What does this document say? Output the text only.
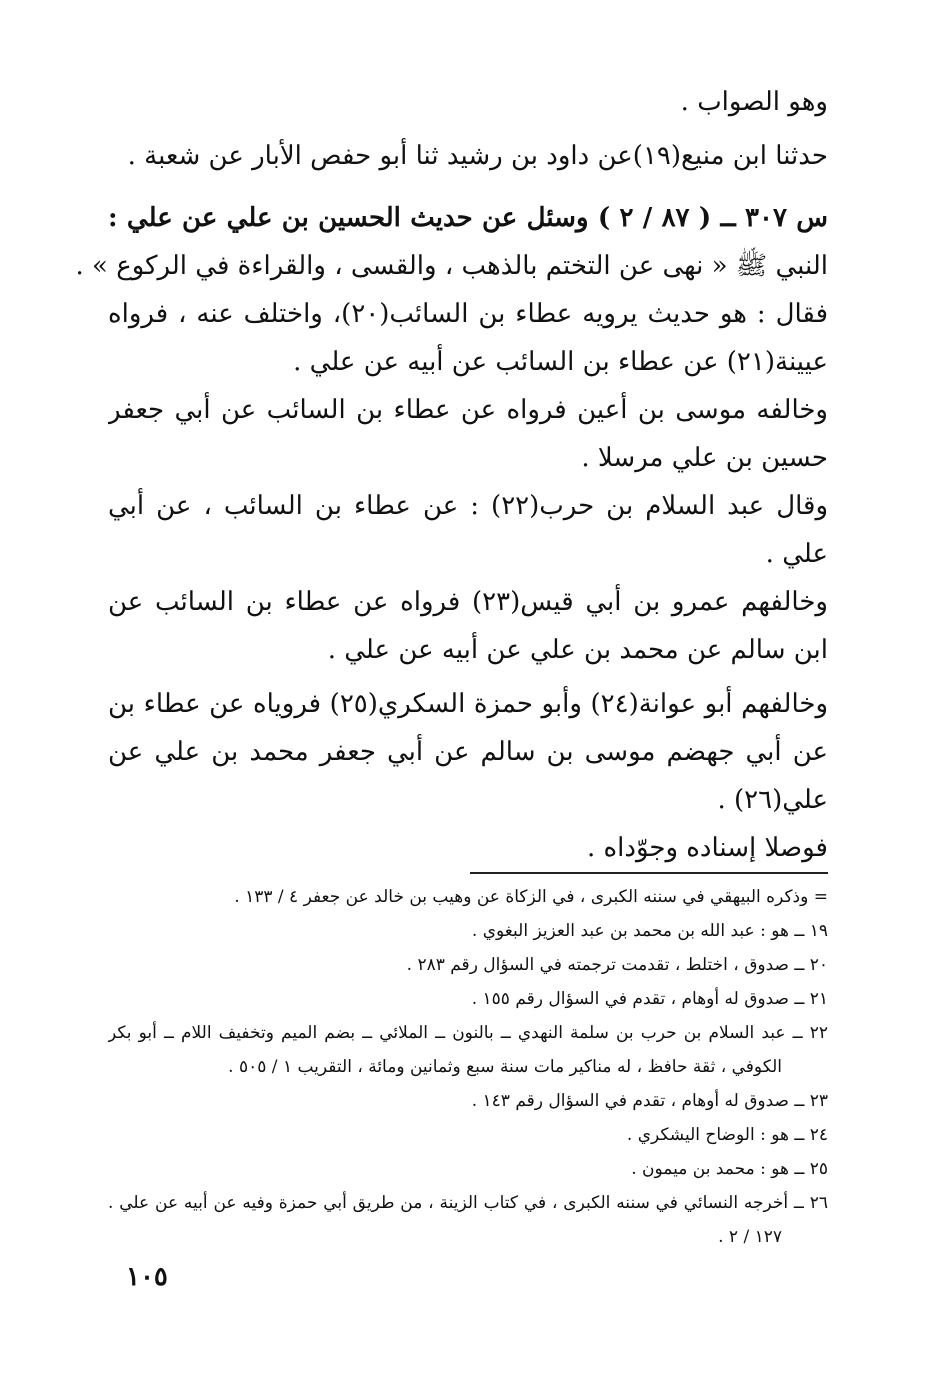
وهو الصواب .
حدثنا ابن منيع(١٩)عن داود بن رشيد ثنا أبو حفص الأبار عن شعبة .
س ٣٠٧ ــ ( ٨٧ / ٢ ) وسئل عن حديث الحسين بن علي عن علي :
النبي ﷺ « نهى عن التختم بالذهب ، والقسى ، والقراءة في الركوع » .
فقال : هو حديث يرويه عطاء بن السائب(٢٠)، واختلف عنه ، فرواه
عيينة(٢١) عن عطاء بن السائب عن أبيه عن علي .
وخالفه موسى بن أعين فرواه عن عطاء بن السائب عن أبي جعفر
حسين بن علي مرسلا .
وقال عبد السلام بن حرب(٢٢) : عن عطاء بن السائب ، عن أبي
علي .
وخالفهم عمرو بن أبي قيس(٢٣) فرواه عن عطاء بن السائب عن
ابن سالم عن محمد بن علي عن أبيه عن علي .
وخالفهم أبو عوانة(٢٤) وأبو حمزة السكري(٢٥) فروياه عن عطاء بن
عن أبي جهضم موسى بن سالم عن أبي جعفر محمد بن علي عن
علي(٢٦) .
فوصلا إسناده وجوّداه .
= وذكره البيهقي في سننه الكبرى ، في الزكاة عن وهيب بن خالد عن جعفر ٤ / ١٣٣ .
١٩ ــ هو : عبد الله بن محمد بن عبد العزيز البغوي .
٢٠ ــ صدوق ، اختلط ، تقدمت ترجمته في السؤال رقم ٢٨٣ .
٢١ ــ صدوق له أوهام ، تقدم في السؤال رقم ١٥٥ .
٢٢ ــ عبد السلام بن حرب بن سلمة النهدي ــ بالنون ــ الملائي ــ بضم الميم وتخفيف اللام ــ أبو بكر
الكوفي ، ثقة حافظ ، له مناكير مات سنة سبع وثمانين ومائة ، التقريب ١ / ٥٠٥ .
٢٣ ــ صدوق له أوهام ، تقدم في السؤال رقم ١٤٣ .
٢٤ ــ هو : الوضاح اليشكري .
٢٥ ــ هو : محمد بن ميمون .
٢٦ ــ أخرجه النسائي في سننه الكبرى ، في كتاب الزينة ، من طريق أبي حمزة وفيه عن أبيه عن علي .
١٢٧ / ٢ .
١٠٥
